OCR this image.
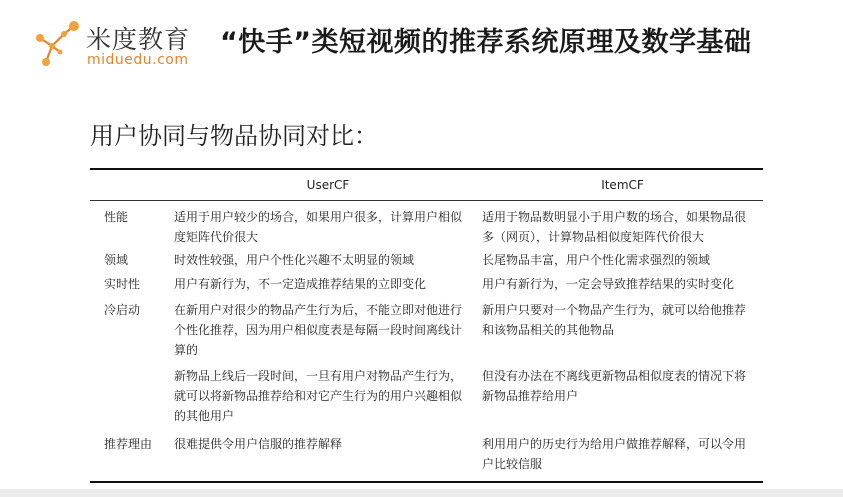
米度教育
miduedu.com
“快手”类短视频的推荐系统原理及数学基础
用户协同与物品协同对比：
	UserCF	ItemCF
性能	适用于用户较少的场合，如果用户很多，计算用户相似度矩阵代价很大	适用于物品数明显小于用户数的场合，如果物品很多（网页），计算物品相似度矩阵代价很大
领域	时效性较强，用户个性化兴趣不太明显的领域	长尾物品丰富，用户个性化需求强烈的领域
实时性	用户有新行为，不一定造成推荐结果的立即变化	用户有新行为，一定会导致推荐结果的实时变化
冷启动	在新用户对很少的物品产生行为后，不能立即对他进行个性化推荐，因为用户相似度表是每隔一段时间离线计算的	新用户只要对一个物品产生行为，就可以给他推荐和该物品相关的其他物品
	新物品上线后一段时间，一旦有用户对物品产生行为，就可以将新物品推荐给和对它产生行为的用户兴趣相似的其他用户	但没有办法在不离线更新物品相似度表的情况下将新物品推荐给用户
推荐理由	很难提供令用户信服的推荐解释	利用用户的历史行为给用户做推荐解释，可以令用户比较信服
